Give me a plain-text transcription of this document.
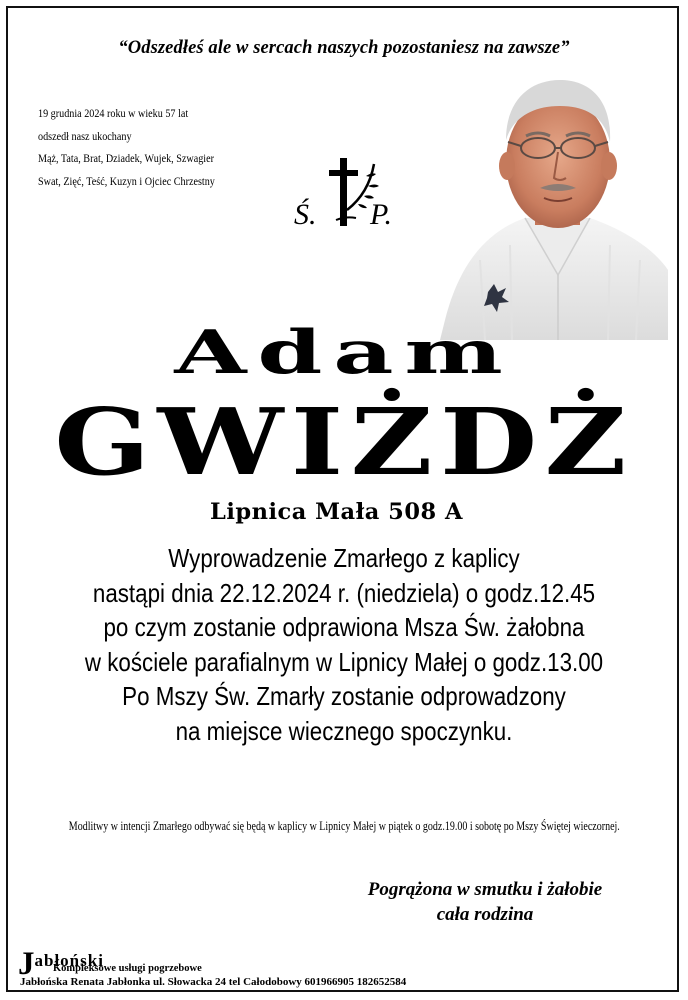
“Odszedłeś ale w sercach naszych pozostaniesz na zawsze”
19 grudnia 2024 roku w wieku 57 lat
odszedł nasz ukochany
Mąż, Tata, Brat, Dziadek, Wujek, Szwagier
Swat, Zięć, Teść, Kuzyn i Ojciec Chrzestny
Ś. P.
Adam
GWIŻDŻ
Lipnica Mała 508 A
Wyprowadzenie Zmarłego z kaplicy
nastąpi dnia 22.12.2024 r. (niedziela) o godz.12.45
po czym zostanie odprawiona Msza Św. żałobna
w kościele parafialnym w Lipnicy Małej o godz.13.00
Po Mszy Św. Zmarły zostanie odprowadzony
na miejsce wiecznego spoczynku.
Modlitwy w intencji Zmarłego odbywać się będą w kaplicy w Lipnicy Małej w piątek o godz.19.00 i sobotę po Mszy Świętej wieczornej.
Pogrążona w smutku i żałobie
cała rodzina
Jabłoński
Kompleksowe usługi pogrzebowe
Jabłońska Renata Jabłonka ul. Słowacka 24 tel Całodobowy 601966905 182652584
